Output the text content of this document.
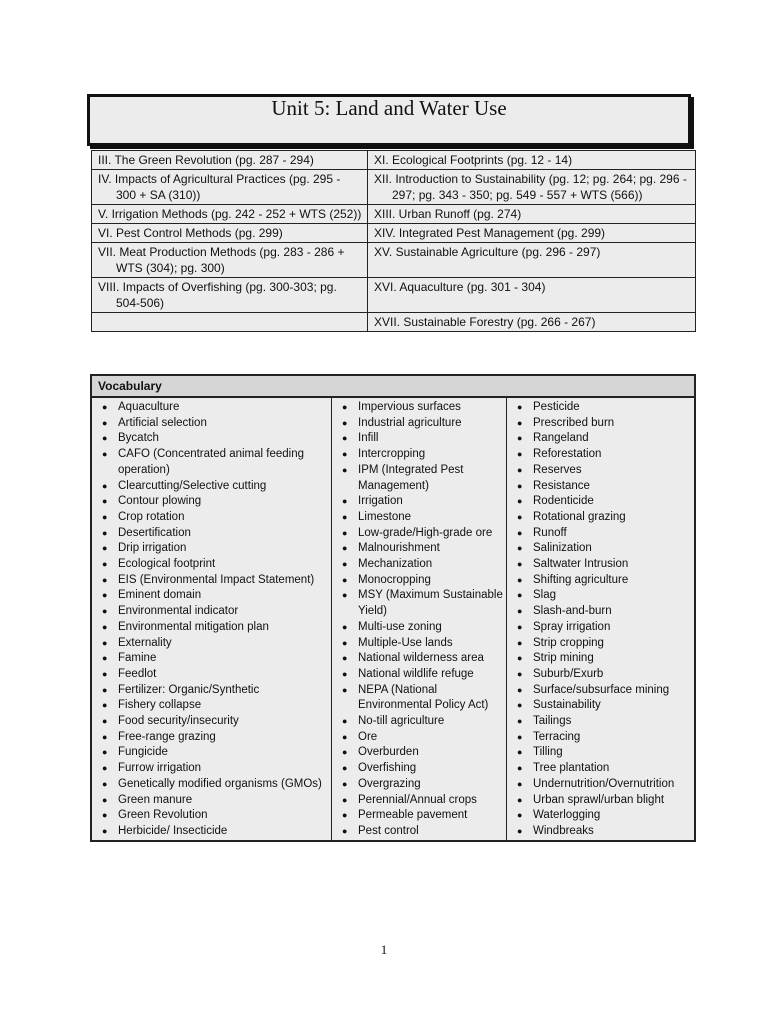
Unit 5: Land and Water Use
III. The Green Revolution (pg. 287 - 294)	XI. Ecological Footprints (pg. 12 - 14)

IV. Impacts of Agricultural Practices (pg. 295 - 300 + SA (310))	XII. Introduction to Sustainability (pg. 12; pg. 264; pg. 296 - 297; pg. 343 - 350; pg. 549 - 557 + WTS (566))

V. Irrigation Methods (pg. 242 - 252 + WTS (252))	XIII. Urban Runoff (pg. 274)

VI. Pest Control Methods (pg. 299)	XIV. Integrated Pest Management (pg. 299)

VII. Meat Production Methods (pg. 283 - 286 + WTS (304); pg. 300)	XV. Sustainable Agriculture (pg. 296 - 297)

VIII. Impacts of Overfishing (pg. 300-303; pg. 504-506)	XVI. Aquaculture (pg. 301 - 304)

	XVII. Sustainable Forestry (pg. 266 - 267)
Vocabulary
● Aquaculture
● Artificial selection
● Bycatch
● CAFO (Concentrated animal feeding operation)
● Clearcutting/Selective cutting
● Contour plowing
● Crop rotation
● Desertification
● Drip irrigation
● Ecological footprint
● EIS (Environmental Impact Statement)
● Eminent domain
● Environmental indicator
● Environmental mitigation plan
● Externality
● Famine
● Feedlot
● Fertilizer: Organic/Synthetic
● Fishery collapse
● Food security/insecurity
● Free-range grazing
● Fungicide
● Furrow irrigation
● Genetically modified organisms (GMOs)
● Green manure
● Green Revolution
● Herbicide/ Insecticide
● Impervious surfaces
● Industrial agriculture
● Infill
● Intercropping
● IPM (Integrated Pest Management)
● Irrigation
● Limestone
● Low-grade/High-grade ore
● Malnourishment
● Mechanization
● Monocropping
● MSY (Maximum Sustainable Yield)
● Multi-use zoning
● Multiple-Use lands
● National wilderness area
● National wildlife refuge
● NEPA (National Environmental Policy Act)
● No-till agriculture
● Ore
● Overburden
● Overfishing
● Overgrazing
● Perennial/Annual crops
● Permeable pavement
● Pest control
● Pesticide
● Prescribed burn
● Rangeland
● Reforestation
● Reserves
● Resistance
● Rodenticide
● Rotational grazing
● Runoff
● Salinization
● Saltwater Intrusion
● Shifting agriculture
● Slag
● Slash-and-burn
● Spray irrigation
● Strip cropping
● Strip mining
● Suburb/Exurb
● Surface/subsurface mining
● Sustainability
● Tailings
● Terracing
● Tilling
● Tree plantation
● Undernutrition/Overnutrition
● Urban sprawl/urban blight
● Waterlogging
● Windbreaks
1
